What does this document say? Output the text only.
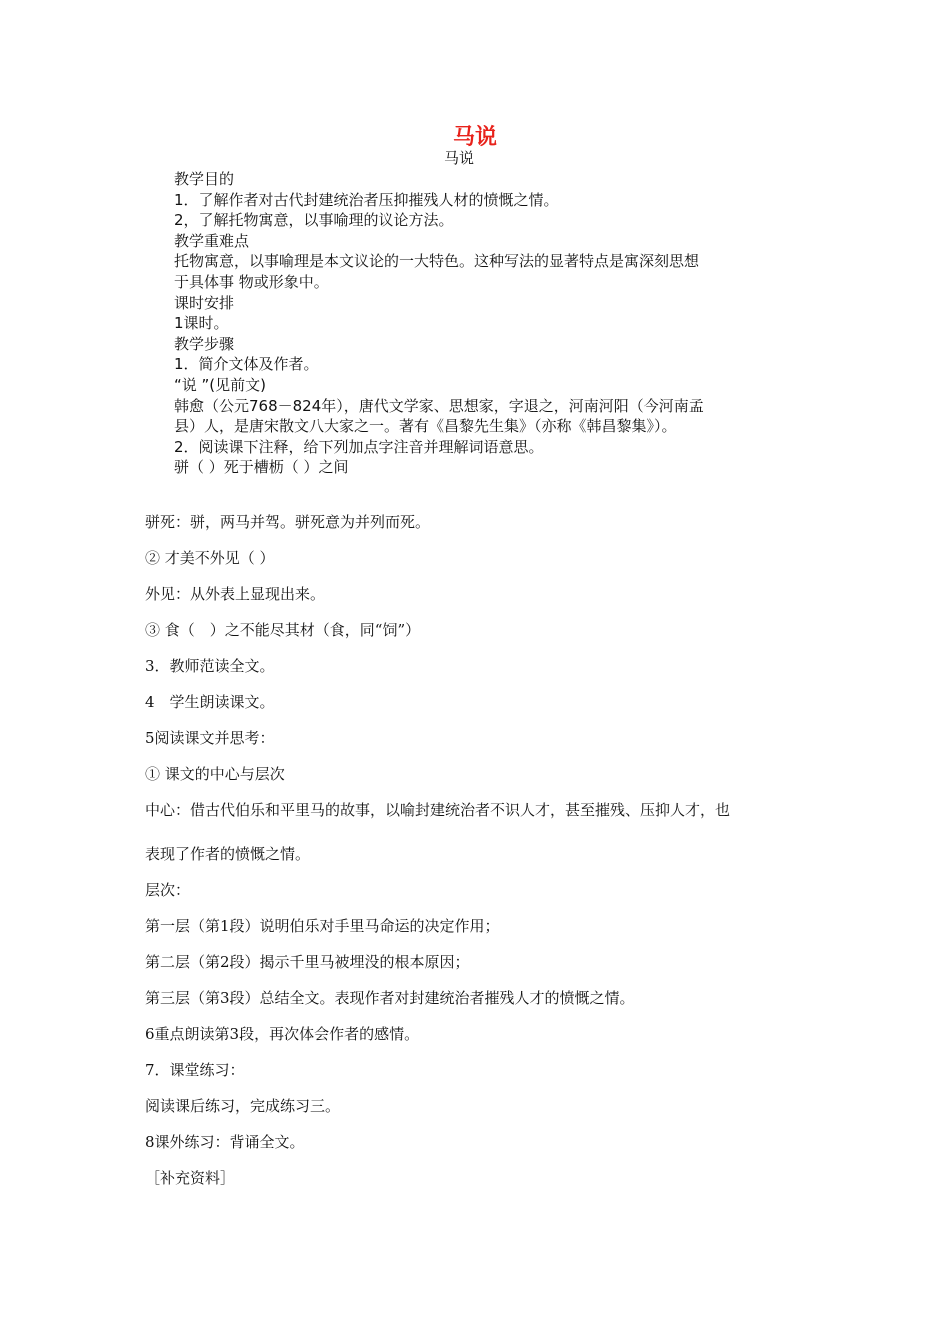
马说
马说
教学目的
1．了解作者对古代封建统治者压抑摧残人材的愤慨之情。
2，了解托物寓意，以事喻理的议论方法。
教学重难点
托物寓意，以事喻理是本文议论的一大特色。这种写法的显著特点是寓深刻思想
于具体事 物或形象中。
课时安排
1课时。
教学步骤
1．简介文体及作者。
“说 ”(见前文)
韩愈（公元768－824年），唐代文学家、思想家，字退之，河南河阳（今河南孟
县）人，是唐宋散文八大家之一。著有《昌黎先生集》（亦称《韩昌黎集》）。
2．阅读课下注释，给下列加点字注音并理解词语意思。
骈（ ）死于槽枥（ ）之间
骈死：骈，两马并驾。骈死意为并列而死。
② 才美不外见（ ）
外见：从外表上显现出来。
③ 食（　）之不能尽其材（食，同“饲”）
3．教师范读全文。
4　学生朗读课文。
5阅读课文并思考：
① 课文的中心与层次
中心：借古代伯乐和平里马的故事，以喻封建统治者不识人才，甚至摧残、压抑人才，也
表现了作者的愤慨之情。
层次：
第一层（第1段）说明伯乐对手里马命运的决定作用；
第二层（第2段）揭示千里马被埋没的根本原因；
第三层（第3段）总结全文。表现作者对封建统治者摧残人才的愤慨之情。
6重点朗读第3段，再次体会作者的感情。
7．课堂练习：
阅读课后练习，完成练习三。
8课外练习：背诵全文。
［补充资料］
